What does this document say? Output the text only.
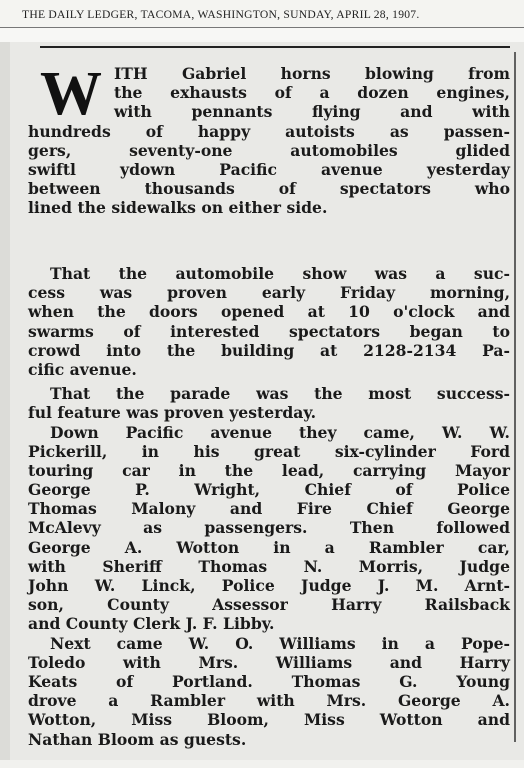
THE DAILY LEDGER, TACOMA, WASHINGTON, SUNDAY, APRIL 28, 1907.
W ITH Gabriel horns blowing from
the exhausts of a dozen engines,
with pennants flying and with
hundreds of happy autoists as passen-
gers, seventy-one automobiles glided
swiftl ydown Pacific avenue yesterday
between thousands of spectators who
lined the sidewalks on either side.
That the automobile show was a suc-
cess was proven early Friday morning,
when the doors opened at 10 o'clock and
swarms of interested spectators began to
crowd into the building at 2128-2134 Pa-
cific avenue.
That the parade was the most success-
ful feature was proven yesterday.
Down Pacific avenue they came, W. W.
Pickerill, in his great six-cylinder Ford
touring car in the lead, carrying Mayor
George P. Wright, Chief of Police
Thomas Malony and Fire Chief George
McAlevy as passengers. Then followed
George A. Wotton in a Rambler car,
with Sheriff Thomas N. Morris, Judge
John W. Linck, Police Judge J. M. Arnt-
son, County Assessor Harry Railsback
and County Clerk J. F. Libby.
Next came W. O. Williams in a Pope-
Toledo with Mrs. Williams and Harry
Keats of Portland. Thomas G. Young
drove a Rambler with Mrs. George A.
Wotton, Miss Bloom, Miss Wotton and
Nathan Bloom as guests.
